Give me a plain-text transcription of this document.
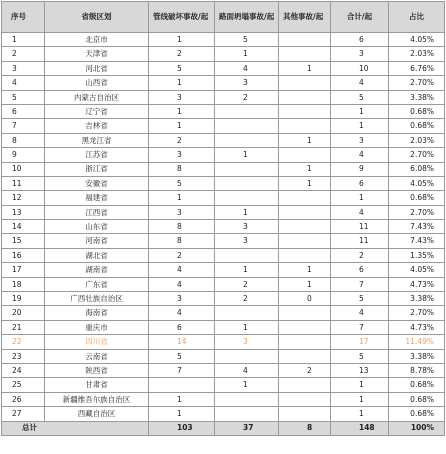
序号	省级区划	管线破坏事故/起	路面坍塌事故/起	其他事故/起	合计/起	占比
1	北京市	1	5		6	4.05%
2	天津省	2	1		3	2.03%
3	河北省	5	4	1	10	6.76%
4	山西省	1	3		4	2.70%
5	内蒙古自治区	3	2		5	3.38%
6	辽宁省	1			1	0.68%
7	吉林省	1			1	0.68%
8	黑龙江省	2		1	3	2.03%
9	江苏省	3	1		4	2.70%
10	浙江省	8		1	9	6.08%
11	安徽省	5		1	6	4.05%
12	福建省	1			1	0.68%
13	江西省	3	1		4	2.70%
14	山东省	8	3		11	7.43%
15	河南省	8	3		11	7.43%
16	湖北省	2			2	1.35%
17	湖南省	4	1	1	6	4.05%
18	广东省	4	2	1	7	4.73%
19	广西壮族自治区	3	2	0	5	3.38%
20	海南省	4			4	2.70%
21	重庆市	6	1		7	4.73%
22	四川省	14	3		17	11.49%
23	云南省	5			5	3.38%
24	陕西省	7	4	2	13	8.78%
25	甘肃省		1		1	0.68%
26	新疆维吾尔族自治区	1			1	0.68%
27	西藏自治区	1			1	0.68%
总计		103	37	8	148	100%
